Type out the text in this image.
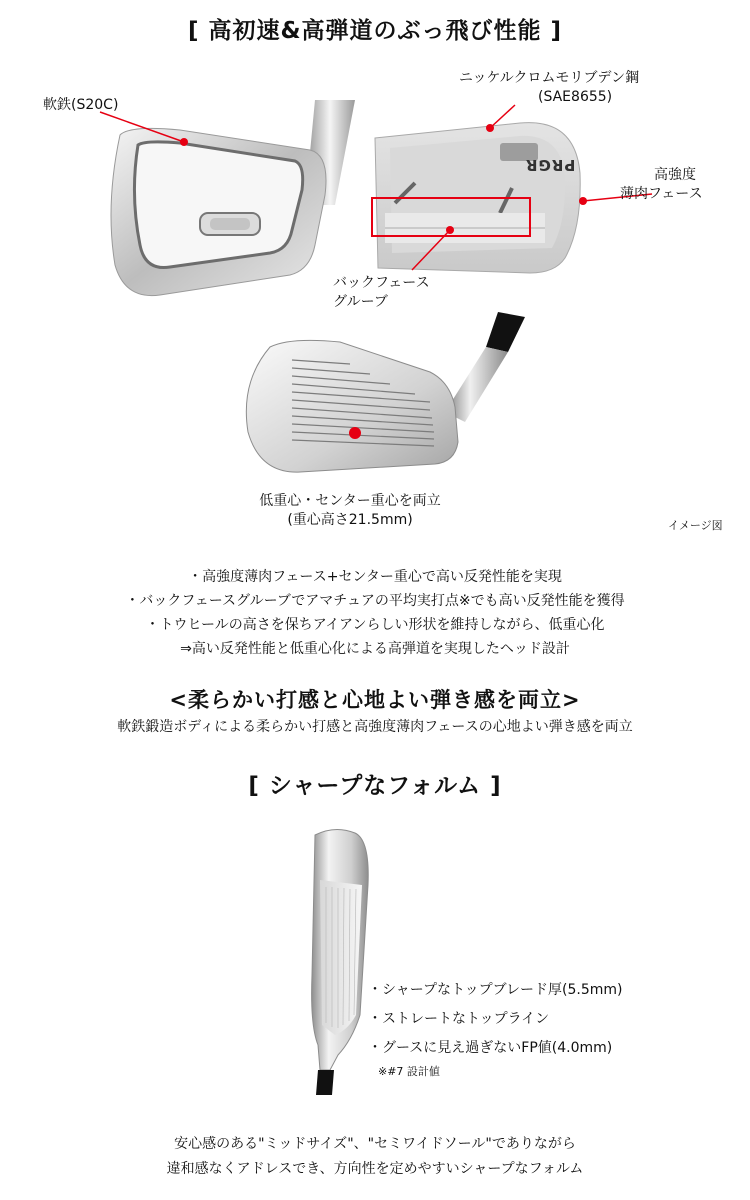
[ 高初速&高弾道のぶっ飛び性能 ]
PRGR
軟鉄(S20C)
ニッケルクロムモリブデン鋼
(SAE8655)
高強度
薄肉フェース
バックフェース
グルーブ
低重心・センター重心を両立
(重心高さ21.5mm)	イメージ図
・高強度薄肉フェース+センター重心で高い反発性能を実現
・バックフェースグルーブでアマチュアの平均実打点※でも高い反発性能を獲得
・トウヒールの高さを保ちアイアンらしい形状を維持しながら、低重心化
⇒高い反発性能と低重心化による高弾道を実現したヘッド設計
<柔らかい打感と心地よい弾き感を両立>
軟鉄鍛造ボディによる柔らかい打感と高強度薄肉フェースの心地よい弾き感を両立
[ シャープなフォルム ]
・シャープなトップブレード厚(5.5mm)
・ストレートなトップライン
・グースに見え過ぎないFP値(4.0mm)
※#7 設計値
安心感のある"ミッドサイズ"、"セミワイドソール"でありながら
違和感なくアドレスでき、方向性を定めやすいシャープなフォルム
